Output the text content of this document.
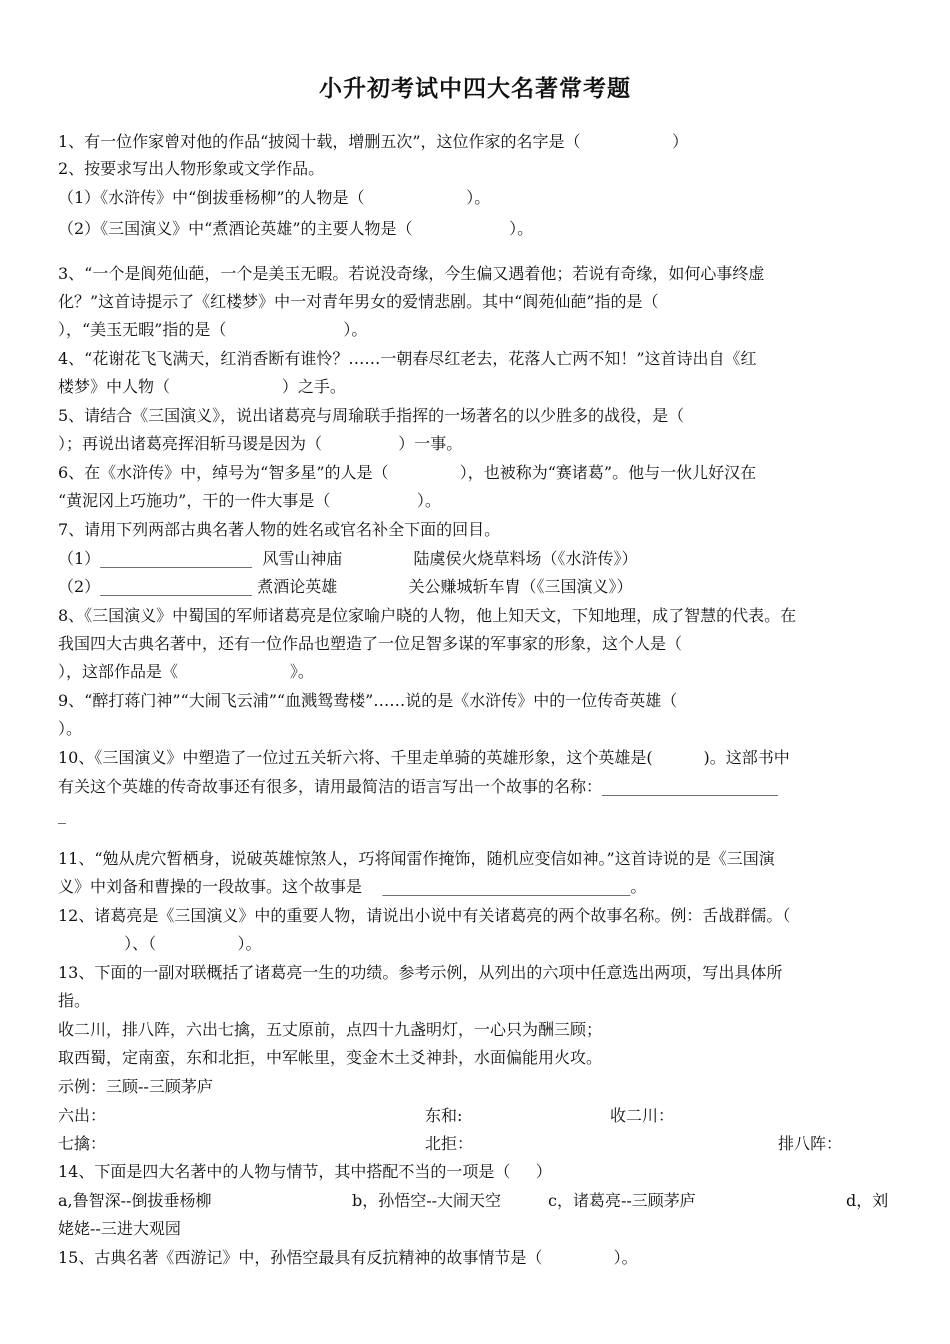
小升初考试中四大名著常考题
1、有一位作家曾对他的作品“披阅十载，增删五次”，这位作家的名字是（                  ）
2、按要求写出人物形象或文学作品。
（1）《水浒传》中“倒拔垂杨柳”的人物是（                    ）。
（2）《三国演义》中“煮酒论英雄”的主要人物是（                   ）。
3、“一个是阆苑仙葩，一个是美玉无暇。若说没奇缘，今生偏又遇着他；若说有奇缘，如何心事终虚
化？”这首诗提示了《红楼梦》中一对青年男女的爱情悲剧。其中“阆苑仙葩”指的是（
），“美玉无暇”指的是（                       ）。
4、“花谢花飞飞满天，红消香断有谁怜？……一朝春尽红老去，花落人亡两不知！”这首诗出自《红
楼梦》中人物（                      ）之手。
5、请结合《三国演义》，说出诸葛亮与周瑜联手指挥的一场著名的以少胜多的战役，是（
）；再说出诸葛亮挥泪斩马谡是因为（               ）一事。
6、在《水浒传》中，绰号为“智多星”的人是（              ），也被称为“赛诸葛”。他与一伙儿好汉在
“黄泥冈上巧施功”，干的一件大事是（                 ）。
7、请用下列两部古典名著人物的姓名或官名补全下面的回目。
（1）___________________  风雪山神庙              陆虞侯火烧草料场（《水浒传》）
（2）___________________ 煮酒论英雄              关公赚城斩车胄（《三国演义》）
8、《三国演义》中蜀国的军师诸葛亮是位家喻户晓的人物，他上知天文，下知地理，成了智慧的代表。在
我国四大古典名著中，还有一位作品也塑造了一位足智多谋的军事家的形象，这个人是（
），这部作品是《                      》。
9、“醉打蒋门神”“大闹飞云浦”“血溅鸳鸯楼”……说的是《水浒传》中的一位传奇英雄（
）。
10、《三国演义》中塑造了一位过五关斩六将、千里走单骑的英雄形象，这个英雄是(          )。这部书中
有关这个英雄的传奇故事还有很多，请用最简洁的语言写出一个故事的名称：______________________
_
11、“勉从虎穴暂栖身，说破英雄惊煞人，巧将闻雷作掩饰，随机应变信如神。”这首诗说的是《三国演
义》中刘备和曹操的一段故事。这个故事是    _______________________________。
12、诸葛亮是《三国演义》中的重要人物，请说出小说中有关诸葛亮的两个故事名称。例：舌战群儒。（
）、（                ）。
13、下面的一副对联概括了诸葛亮一生的功绩。参考示例，从列出的六项中任意选出两项，写出具体所
指。
收二川，排八阵，六出七擒，五丈原前，点四十九盏明灯，一心只为酬三顾；
取西蜀，定南蛮，东和北拒，中军帐里，变金木土爻神卦，水面偏能用火攻。
示例：三顾--三顾茅庐
六出：	东和:	收二川：
七擒：	北拒：	排八阵：
14、下面是四大名著中的人物与情节，其中搭配不当的一项是（     ）
a,鲁智深--倒拔垂杨柳	b，孙悟空--大闹天空	c，诸葛亮--三顾茅庐	d，刘
姥姥--三进大观园
15、古典名著《西游记》中，孙悟空最具有反抗精神的故事情节是（              ）。
